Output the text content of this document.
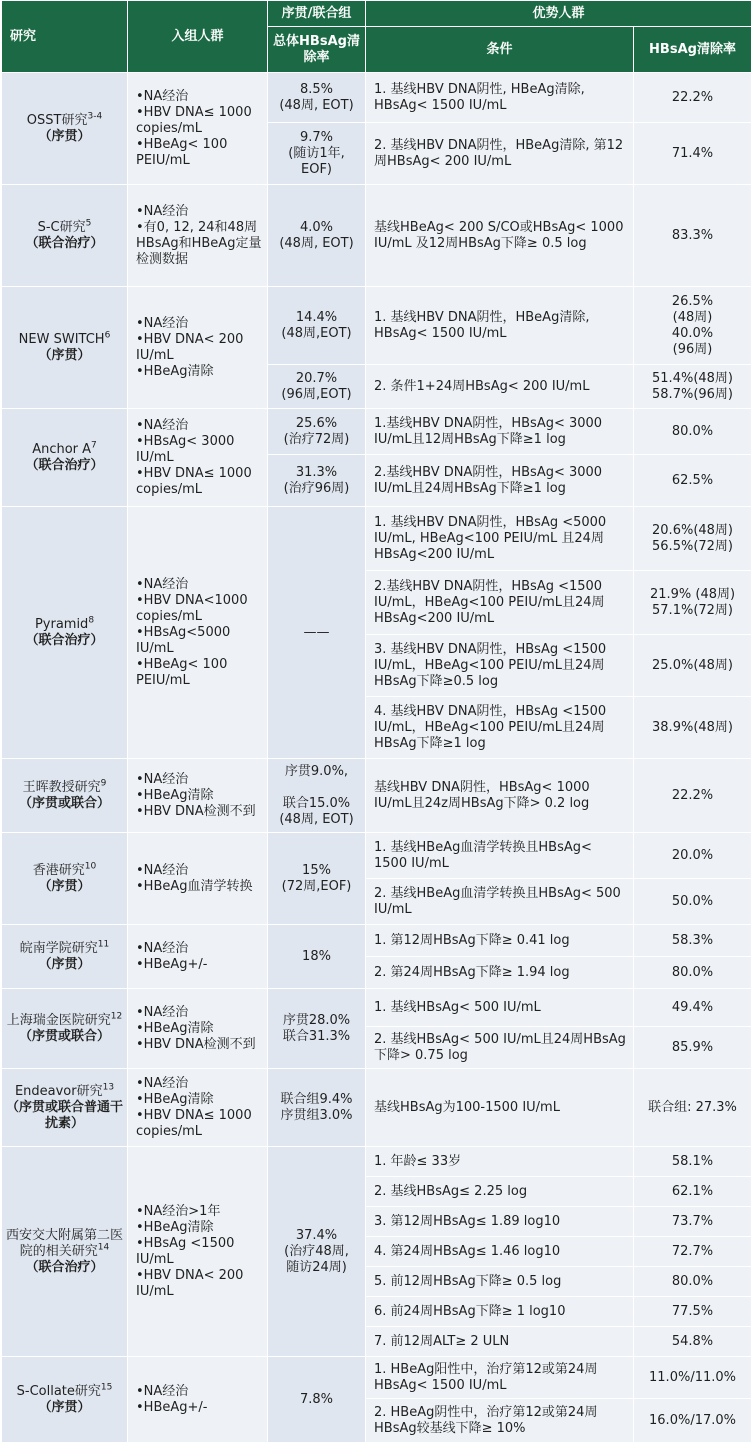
研究	入组人群	序贯/联合组	优势人群	
		总体HBsAg清除率	条件	HBsAg清除率

OSST研究$^{3-4}$
（序贯）	•NA经治
•HBV DNA≤ 1000 copies/mL
•HBeAg< 100 PEIU/mL	8.5%
(48周, EOT)	1. 基线HBV DNA阴性, HBeAg清除, HBsAg< 1500 IU/mL	22.2%

		9.7%
(随访1年,
EOF)	2. 基线HBV DNA阴性，HBeAg清除, 第12周HBsAg< 200 IU/mL	71.4%

S-C研究$^5$
（联合治疗）	•NA经治
•有0, 12, 24和48周HBsAg和HBeAg定量检测数据	4.0%
(48周, EOT)	基线HBeAg< 200 S/CO或HBsAg< 1000 IU/mL 及12周HBsAg下降≥ 0.5 log	83.3%

NEW SWITCH$^6$
（序贯）	•NA经治
•HBV DNA< 200 IU/mL
•HBeAg清除	14.4%
(48周,EOT)	1. 基线HBV DNA阴性，HBeAg清除, HBsAg< 1500 IU/mL	26.5%
(48周)
40.0%
(96周)

		20.7%
(96周,EOT)	2. 条件1+24周HBsAg< 200 IU/mL	51.4%(48周)
58.7%(96周)

Anchor $A^7$
（联合治疗）	•NA经治
•HBsAg< 3000 IU/mL
•HBV DNA≤ 1000 copies/mL	25.6%
(治疗72周)	1.基线HBV DNA阴性，HBsAg< 3000 IU/mL且12周HBsAg下降≥1 log	80.0%

		31.3%
(治疗96周)	2.基线HBV DNA阴性，HBsAg< 3000 IU/mL且24周HBsAg下降≥1 log	62.5%

Pyramid$^8$
（联合治疗）	•NA经治
•HBV DNA<1000 copies/mL
•HBsAg<5000 IU/mL
•HBeAg< 100 PEIU/mL	——	1. 基线HBV DNA阴性，HBsAg <5000 IU/mL, HBeAg<100 PEIU/mL 且24周HBsAg<200 IU/mL	20.6%(48周)
56.5%(72周)

			2.基线HBV DNA阴性，HBsAg <1500 IU/mL，HBeAg<100 PEIU/mL且24周HBsAg<200 IU/mL	21.9% (48周)
57.1%(72周)

			3. 基线HBV DNA阴性，HBsAg <1500 IU/mL，HBeAg<100 PEIU/mL且24周HBsAg下降≥0.5 log	25.0%(48周)

			4. 基线HBV DNA阴性，HBsAg <1500 IU/mL，HBeAg<100 PEIU/mL且24周HBsAg下降≥1 log	38.9%(48周)

王晖教授研究$^9$
（序贯或联合）	•NA经治
•HBeAg清除
•HBV DNA检测不到	序贯9.0%,

联合15.0%
(48周, EOT)	基线HBV DNA阴性，HBsAg< 1000 IU/mL且24z周HBsAg下降> 0.2 log	22.2%

香港研究$^{10}$
（序贯）	•NA经治
•HBeAg血清学转换	15%
(72周,EOF)	1. 基线HBeAg血清学转换且HBsAg< 1500 IU/mL	20.0%

			2. 基线HBeAg血清学转换且HBsAg< 500 IU/mL	50.0%

皖南学院研究$^{11}$
（序贯）	•NA经治
•HBeAg+/-	18%	1. 第12周HBsAg下降≥ 0.41 log	58.3%

			2. 第24周HBsAg下降≥ 1.94 log	80.0%

上海瑞金医院研究$^{12}$
（序贯或联合）	•NA经治
•HBeAg清除
•HBV DNA检测不到	序贯28.0%
联合31.3%	1. 基线HBsAg< 500 IU/mL	49.4%

			2. 基线HBsAg< 500 IU/mL且24周HBsAg下降> 0.75 log	85.9%

Endeavor研究$^{13}$
（序贯或联合普通干扰素）	•NA经治
•HBeAg清除
•HBV DNA≤ 1000 copies/mL	联合组9.4%
序贯组3.0%	基线HBsAg为100-1500 IU/mL	联合组: 27.3%

西安交大附属第二医院的相关研究$^{14}$
（联合治疗）	•NA经治>1年
•HBeAg清除
•HBsAg <1500 IU/mL
•HBV DNA< 200 IU/mL	37.4%
(治疗48周,
随访24周)	1. 年龄≤ 33岁	58.1%

			2. 基线HBsAg≤ 2.25 log	62.1%

			3. 第12周HBsAg≤ 1.89 log10	73.7%

			4. 第24周HBsAg≤ 1.46 log10	72.7%

			5. 前12周HBsAg下降≥ 0.5 log	80.0%

			6. 前24周HBsAg下降≥ 1 log10	77.5%

			7. 前12周ALT≥ 2 ULN	54.8%

S-Collate研究$^{15}$
（序贯）	•NA经治
•HBeAg+/-	7.8%	1. HBeAg阳性中，治疗第12或第24周HBsAg< 1500 IU/mL	11.0%/11.0%

			2. HBeAg阴性中，治疗第12或第24周HBsAg较基线下降≥ 10%	16.0%/17.0%
